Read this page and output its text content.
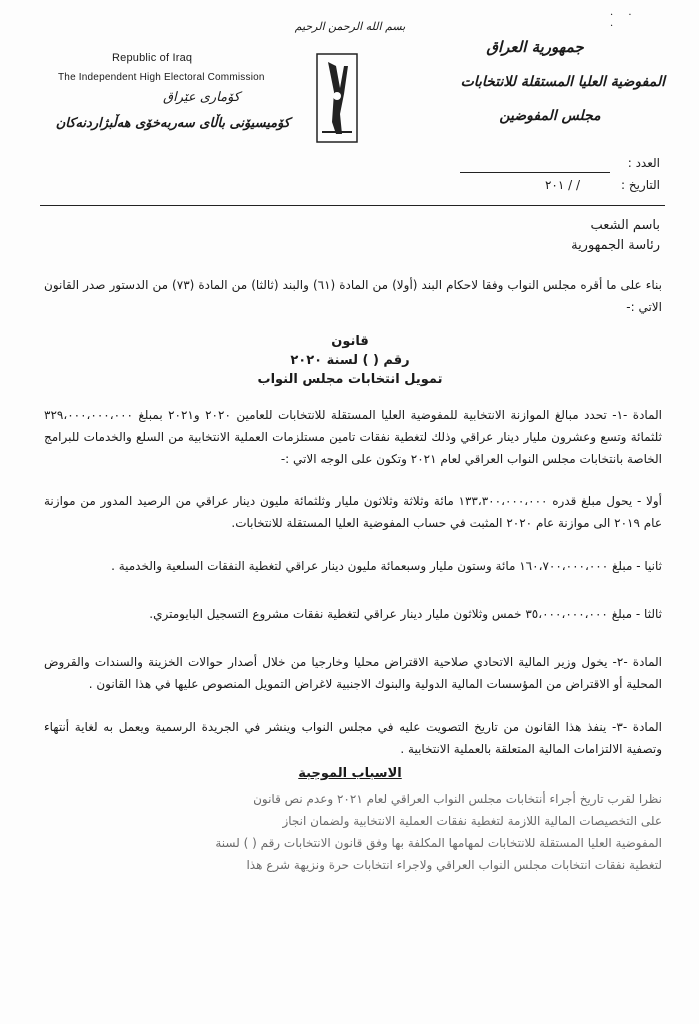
بسم الله الرحمن الرحيم
Republic of Iraq
The Independent High Electoral Commission
كۆماری عێراق
كۆمیسیۆنی باڵای سەربەخۆی هەڵبژاردنەكان
جمهورية العراق
المفوضية العليا المستقلة للانتخابات
مجلس المفوضين
· · ·
العدد :
التاريخ :
/ / ٢٠١
باسم الشعب
رئاسة الجمهورية
بناء على ما أقره مجلس النواب وفقا لاحكام البند (أولا) من المادة (٦١) والبند (ثالثا) من المادة (٧٣) من الدستور صدر القانون الاتي :-
قانون
رقم ( ) لسنة ٢٠٢٠
تمويل انتخابات مجلس النواب
المادة -١- تحدد مبالغ الموازنة الانتخابية للمفوضية العليا المستقلة للانتخابات للعامين ٢٠٢٠ و٢٠٢١ بمبلغ ٣٢٩،٠٠٠،٠٠٠،٠٠٠ ثلثمائة وتسع وعشرون مليار دينار عراقي وذلك لتغطية نفقات تامين مستلزمات العملية الانتخابية من السلع والخدمات للبرامج الخاصة بانتخابات مجلس النواب العراقي لعام ٢٠٢١ وتكون على الوجه الاتي :-
أولا - يحول مبلغ قدره ١٣٣،٣٠٠،٠٠٠،٠٠٠ مائة وثلاثة وثلاثون مليار وثلثمائة مليون دينار عراقي من الرصيد المدور من موازنة عام ٢٠١٩ الى موازنة عام ٢٠٢٠ المثبت في حساب المفوضية العليا المستقلة للانتخابات.
ثانيا - مبلغ ١٦٠،٧٠٠،٠٠٠،٠٠٠ مائة وستون مليار وسبعمائة مليون دينار عراقي لتغطية النفقات السلعية والخدمية .
ثالثا - مبلغ ٣٥،٠٠٠،٠٠٠،٠٠٠ خمس وثلاثون مليار دينار عراقي لتغطية نفقات مشروع التسجيل البايومتري.
المادة -٢- يخول وزير المالية الاتحادي صلاحية الاقتراض محليا وخارجيا من خلال أصدار حوالات الخزينة والسندات والقروض المحلية أو الاقتراض من المؤسسات المالية الدولية والبنوك الاجنبية لاغراض التمويل المنصوص عليها في هذا القانون .
المادة -٣- ينفذ هذا القانون من تاريخ التصويت عليه في مجلس النواب وينشر في الجريدة الرسمية ويعمل به لغاية أنتهاء وتصفية الالتزامات المالية المتعلقة بالعملية الانتخابية .
الاسباب الموجبة
نظرا لقرب تاريخ أجراء أنتخابات مجلس النواب العراقي لعام ٢٠٢١ وعدم نص قانون
على التخصيصات المالية اللازمة لتغطية نفقات العملية الانتخابية ولضمان انجاز
المفوضية العليا المستقلة للانتخابات لمهامها المكلفة بها وفق قانون الانتخابات رقم ( ) لسنة
لتغطية نفقات انتخابات مجلس النواب العراقي ولاجراء انتخابات حرة ونزيهة شرع هذا
